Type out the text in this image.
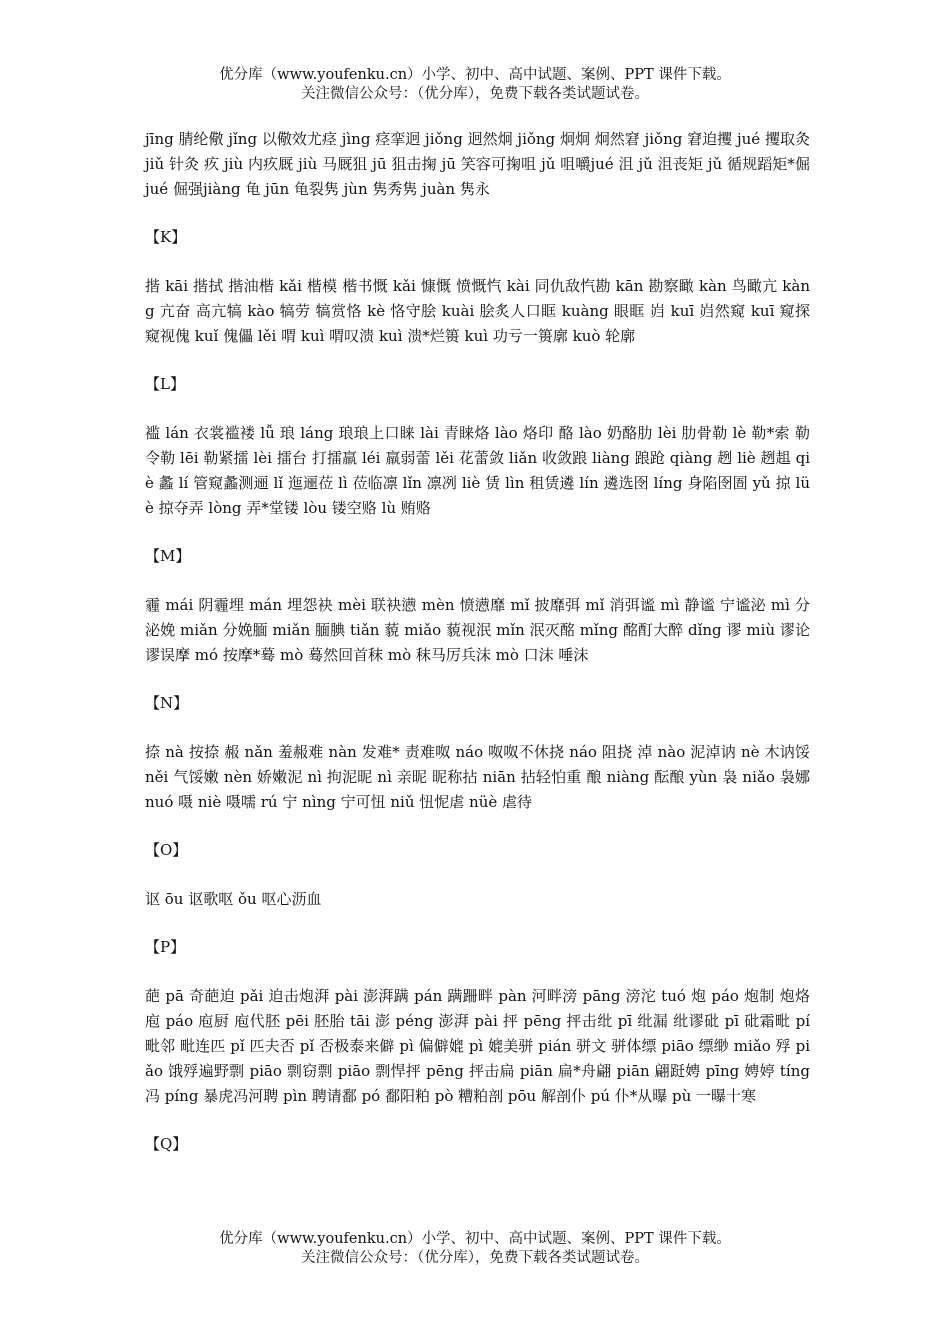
优分库（www.youfenku.cn）小学、初中、高中试题、案例、PPT 课件下载。
关注微信公众号：（优分库），免费下载各类试题试卷。

jīng 腈纶儆 jǐng 以儆效尤痉 jìng 痉挛迥 jiǒng 迥然炯 jiǒng 炯炯 炯然窘 jiǒng 窘迫攫 jué 攫取灸 jiǔ 针灸 疚 jiù 内疚厩 jiù 马厩狙 jū 狙击掬 jū 笑容可掬咀 jǔ 咀嚼jué 沮 jǔ 沮丧矩 jǔ 循规蹈矩*倔 jué 倔强jiàng 龟 jūn 龟裂隽 jùn 隽秀隽 juàn 隽永

【K】

揩 kāi 揩拭 揩油楷 kǎi 楷模 楷书慨 kǎi 慷慨 愤慨忾 kài 同仇敌忾勘 kān 勘察瞰 kàn 鸟瞰亢 kàng 亢奋 高亢犒 kào 犒劳 犒赏恪 kè 恪守脍 kuài 脍炙人口眶 kuàng 眼眶 岿 kuī 岿然窥 kuī 窥探 窥视傀 kuǐ 傀儡 lěi 喟 kuì 喟叹溃 kuì 溃*烂篑 kuì 功亏一篑廓 kuò 轮廓

【L】

褴 lán 衣裳褴褛 lǚ 琅 láng 琅琅上口睐 lài 青睐烙 lào 烙印 酪 lào 奶酪肋 lèi 肋骨勒 lè 勒*索 勒令勒 lēi 勒紧擂 lèi 擂台 打擂羸 léi 羸弱蕾 lěi 花蕾敛 liǎn 收敛踉 liàng 踉跄 qiàng 趔 liè 趔趄 qiè 蠡 lí 管窥蠡测逦 lǐ 迤逦莅 lì 莅临凛 lǐn 凛冽 liè 赁 lìn 租赁遴 lín 遴选囹 líng 身陷囹圄 yǔ 掠 lüè 掠夺弄 lòng 弄*堂镂 lòu 镂空赂 lù 贿赂

【M】

霾 mái 阴霾埋 mán 埋怨袂 mèi 联袂懑 mèn 愤懑靡 mǐ 披靡弭 mǐ 消弭谧 mì 静谧 宁谧泌 mì 分泌娩 miǎn 分娩腼 miǎn 腼腆 tiǎn 藐 miǎo 藐视泯 mǐn 泯灭酩 mǐng 酩酊大醉 dǐng 谬 miù 谬论 谬误摩 mó 按摩*蓦 mò 蓦然回首秣 mò 秣马厉兵沫 mò 口沫 唾沫

【N】

捺 nà 按捺 赧 nǎn 羞赧难 nàn 发难* 责难呶 náo 呶呶不休挠 náo 阻挠 淖 nào 泥淖讷 nè 木讷馁 něi 气馁嫩 nèn 娇嫩泥 nì 拘泥昵 nì 亲昵 昵称拈 niān 拈轻怕重 酿 niàng 酝酿 yùn 袅 niǎo 袅娜 nuó 嗫 niè 嗫嚅 rú 宁 nìng 宁可忸 niǔ 忸怩虐 nüè 虐待

【O】

讴 ōu 讴歌呕 ǒu 呕心沥血

【P】

葩 pā 奇葩迫 pǎi 迫击炮湃 pài 澎湃蹒 pán 蹒跚畔 pàn 河畔滂 pāng 滂沱 tuó 炮 páo 炮制 炮烙庖 páo 庖厨 庖代胚 pēi 胚胎 tāi 澎 péng 澎湃 pài 抨 pēng 抨击纰 pī 纰漏 纰谬砒 pī 砒霜毗 pí 毗邻 毗连匹 pǐ 匹夫否 pǐ 否极泰来僻 pì 偏僻媲 pì 媲美骈 pián 骈文 骈体缥 piāo 缥缈 miǎo 殍 piǎo 饿殍遍野剽 piāo 剽窃剽 piāo 剽悍抨 pēng 抨击扁 piān 扁*舟翩 piān 翩跹娉 pīng 娉婷 tíng 冯 píng 暴虎冯河聘 pìn 聘请鄱 pó 鄱阳粕 pò 糟粕剖 pōu 解剖仆 pú 仆*从曝 pù 一曝十寒

【Q】

优分库（www.youfenku.cn）小学、初中、高中试题、案例、PPT 课件下载。
关注微信公众号：（优分库），免费下载各类试题试卷。
